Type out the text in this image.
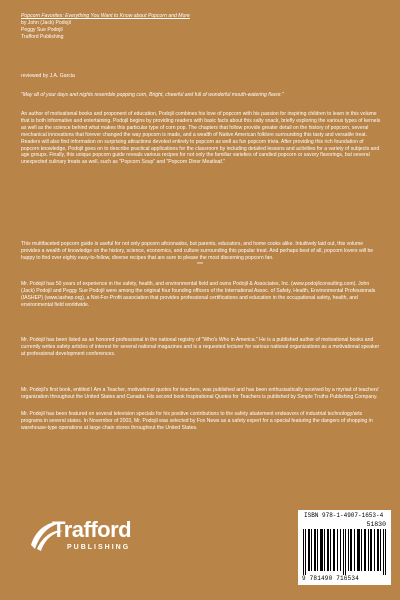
Popcorn Favorites: Everything You Want to Know about Popcorn and More

by John (Jack) Podojil
Peggy Sue Podojil
Trafford Publishing

reviewed by J.A. Garcia

"May all of your days and nights resemble popping corn, Bright, cheerful and full of wonderful mouth-watering flavor."

An author of motivational books and proponent of education, Podojil combines his love of popcorn with his passion for inspiring children to learn in this volume that is both informative and entertaining. Podojil begins by providing readers with basic facts about this salty snack, briefly exploring the various types of kernels as well as the science behind what makes this particular type of corn pop. The chapters that follow provide greater detail on the history of popcorn, several mechanical innovations that forever changed the way popcorn is made, and a wealth of Native American folklore surrounding this tasty and versatile treat. Readers will also find information on surprising attractions devoted entirely to popcorn as well as fun popcorn trivia. After providing this rich foundation of popcorn knowledge, Podojil goes on to describe practical applications for the classroom by including detailed lessons and activities for a variety of subjects and age groups. Finally, this unique popcorn guide reveals various recipes for not only the familiar varieties of candied popcorn or savory flavorings, but several unexpected culinary treats as well, such as "Popcorn Soup" and "Popcorn Diner Meatloaf."

This multifaceted popcorn guide is useful for not only popcorn aficionados, but parents, educators, and home cooks alike. Intuitively laid out, this volume provides a wealth of knowledge on the history, science, economics, and culture surrounding this popular treat. And perhaps best of all, popcorn lovers will be happy to find over eighty easy-to-follow, diverse recipes that are sure to please the most discerning popcorn fan.

***

Mr. Podojil has 50 years of experience in the safety, health, and environmental field and owns Podojil & Associates, Inc. (www.podojilconsulting.com). John (Jack) Podojil and Peggy Sue Podojil were among the original four founding officers of the International Assoc. of Safety, Health, Environmental Professionals (IASHEP) (www.iashep.org), a Not-For-Profit association that provides professional certifications and education in the occupational safety, health, and environmental field worldwide.

Mr. Podojil has been listed as an honored professional in the national registry of "Who's Who in America." He is a published author of motivational books and currently writes safety articles of interest for several national magazines and is a requested lecturer for various national organizations as a motivational speaker at professional development conferences.

Mr. Podojil's first book, entitled I Am a Teacher, motivational quotes for teachers, was published and has been enthusiastically received by a myriad of teachers' organization throughout the United States and Canada. His second book Inspirational Quotes for Teachers is published by Simple Truths Publishing Company.

Mr. Podojil has been featured on several television specials for his positive contributions to the safety abatement endeavors of industrial technology/arts programs in several states. In November of 2003, Mr. Podojil was selected by Fox News as a safety expert for a special featuring the dangers of shopping in warehouse-type operations at large chain stores throughout the United States.

Trafford
PUBLISHING
ISBN 978-1-4907-1653-4
51830
9 781490 716534
